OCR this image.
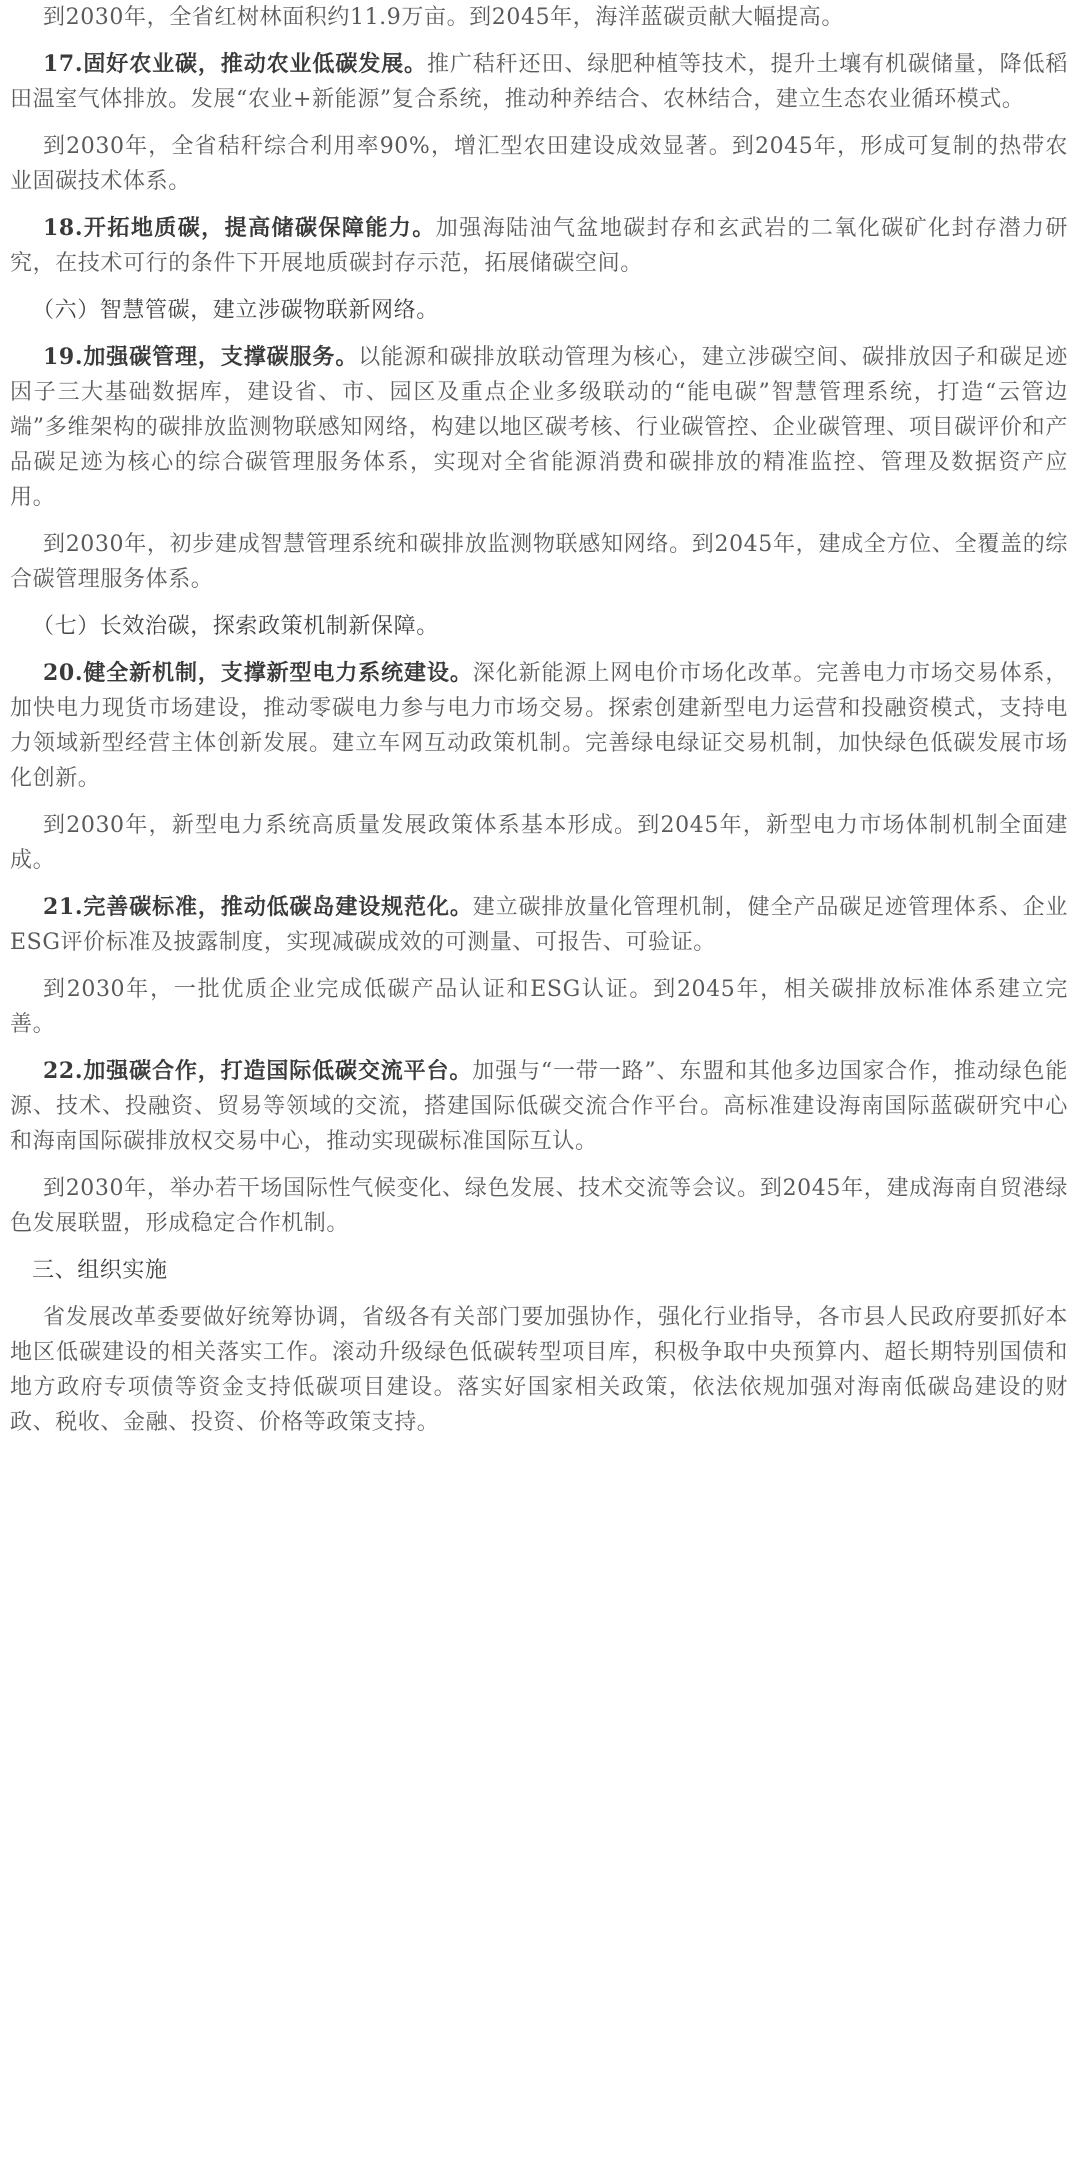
到2030年，全省红树林面积约11.9万亩。到2045年，海洋蓝碳贡献大幅提高。

17.固好农业碳，推动农业低碳发展。推广秸秆还田、绿肥种植等技术，提升土壤有机碳储量，降低稻田温室气体排放。发展“农业+新能源”复合系统，推动种养结合、农林结合，建立生态农业循环模式。

到2030年，全省秸秆综合利用率90%，增汇型农田建设成效显著。到2045年，形成可复制的热带农业固碳技术体系。

18.开拓地质碳，提高储碳保障能力。加强海陆油气盆地碳封存和玄武岩的二氧化碳矿化封存潜力研究，在技术可行的条件下开展地质碳封存示范，拓展储碳空间。

（六）智慧管碳，建立涉碳物联新网络。

19.加强碳管理，支撑碳服务。以能源和碳排放联动管理为核心，建立涉碳空间、碳排放因子和碳足迹因子三大基础数据库，建设省、市、园区及重点企业多级联动的“能电碳”智慧管理系统，打造“云管边端”多维架构的碳排放监测物联感知网络，构建以地区碳考核、行业碳管控、企业碳管理、项目碳评价和产品碳足迹为核心的综合碳管理服务体系，实现对全省能源消费和碳排放的精准监控、管理及数据资产应用。

到2030年，初步建成智慧管理系统和碳排放监测物联感知网络。到2045年，建成全方位、全覆盖的综合碳管理服务体系。

（七）长效治碳，探索政策机制新保障。

20.健全新机制，支撑新型电力系统建设。深化新能源上网电价市场化改革。完善电力市场交易体系，加快电力现货市场建设，推动零碳电力参与电力市场交易。探索创建新型电力运营和投融资模式，支持电力领域新型经营主体创新发展。建立车网互动政策机制。完善绿电绿证交易机制，加快绿色低碳发展市场化创新。

到2030年，新型电力系统高质量发展政策体系基本形成。到2045年，新型电力市场体制机制全面建成。

21.完善碳标准，推动低碳岛建设规范化。建立碳排放量化管理机制，健全产品碳足迹管理体系、企业ESG评价标准及披露制度，实现减碳成效的可测量、可报告、可验证。

到2030年，一批优质企业完成低碳产品认证和ESG认证。到2045年，相关碳排放标准体系建立完善。

22.加强碳合作，打造国际低碳交流平台。加强与“一带一路”、东盟和其他多边国家合作，推动绿色能源、技术、投融资、贸易等领域的交流，搭建国际低碳交流合作平台。高标准建设海南国际蓝碳研究中心和海南国际碳排放权交易中心，推动实现碳标准国际互认。

到2030年，举办若干场国际性气候变化、绿色发展、技术交流等会议。到2045年，建成海南自贸港绿色发展联盟，形成稳定合作机制。

三、组织实施

省发展改革委要做好统筹协调，省级各有关部门要加强协作，强化行业指导，各市县人民政府要抓好本地区低碳建设的相关落实工作。滚动升级绿色低碳转型项目库，积极争取中央预算内、超长期特别国债和地方政府专项债等资金支持低碳项目建设。落实好国家相关政策，依法依规加强对海南低碳岛建设的财政、税收、金融、投资、价格等政策支持。
